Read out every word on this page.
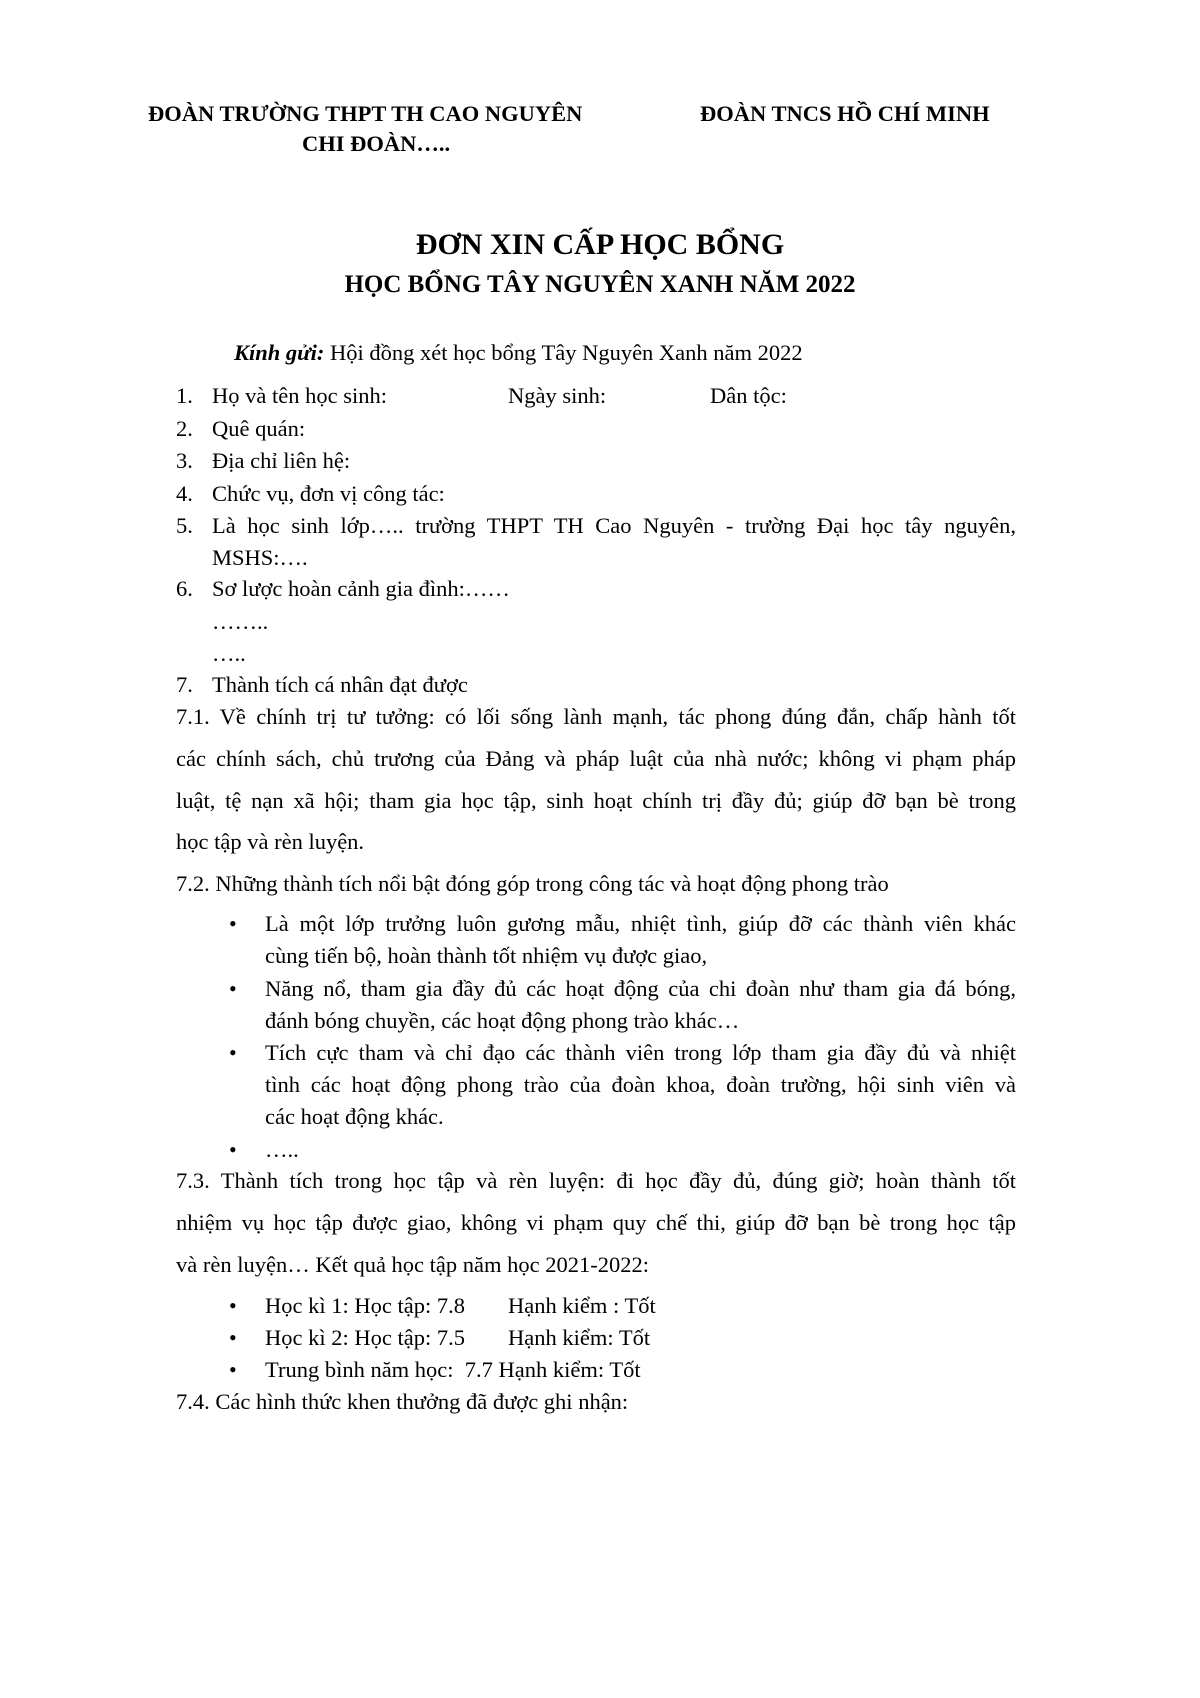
ĐOÀN TRƯỜNG THPT TH CAO NGUYÊN
CHI ĐOÀN…..
ĐOÀN TNCS HỒ CHÍ MINH
ĐƠN XIN CẤP HỌC BỔNG
HỌC BỔNG TÂY NGUYÊN XANH NĂM 2022
Kính gửi: Hội đồng xét học bổng Tây Nguyên Xanh năm 2022
1. Họ và tên học sinh:	Ngày sinh:	Dân tộc:
2. Quê quán:
3. Địa chỉ liên hệ:
4. Chức vụ, đơn vị công tác:
5. Là học sinh lớp….. trường THPT TH Cao Nguyên - trường Đại học tây nguyên,
MSHS:….
6. Sơ lược hoàn cảnh gia đình:……
……..
…..
7. Thành tích cá nhân đạt được
7.1. Về chính trị tư tưởng: có lối sống lành mạnh, tác phong đúng đắn, chấp hành tốt
các chính sách, chủ trương của Đảng và pháp luật của nhà nước; không vi phạm pháp
luật, tệ nạn xã hội; tham gia học tập, sinh hoạt chính trị đầy đủ; giúp đỡ bạn bè trong
học tập và rèn luyện.
7.2. Những thành tích nổi bật đóng góp trong công tác và hoạt động phong trào
• Là một lớp trưởng luôn gương mẫu, nhiệt tình, giúp đỡ các thành viên khác
cùng tiến bộ, hoàn thành tốt nhiệm vụ được giao,
• Năng nổ, tham gia đầy đủ các hoạt động của chi đoàn như tham gia đá bóng,
đánh bóng chuyền, các hoạt động phong trào khác…
• Tích cực tham và chỉ đạo các thành viên trong lớp tham gia đầy đủ và nhiệt
tình các hoạt động phong trào của đoàn khoa, đoàn trường, hội sinh viên và
các hoạt động khác.
• …..
7.3. Thành tích trong học tập và rèn luyện: đi học đầy đủ, đúng giờ; hoàn thành tốt
nhiệm vụ học tập được giao, không vi phạm quy chế thi, giúp đỡ bạn bè trong học tập
và rèn luyện… Kết quả học tập năm học 2021-2022:
• Học kì 1: Học tập: 7.8 Hạnh kiểm : Tốt
• Học kì 2: Học tập: 7.5 Hạnh kiểm: Tốt
• Trung bình năm học:  7.7 Hạnh kiểm: Tốt
7.4. Các hình thức khen thưởng đã được ghi nhận:
